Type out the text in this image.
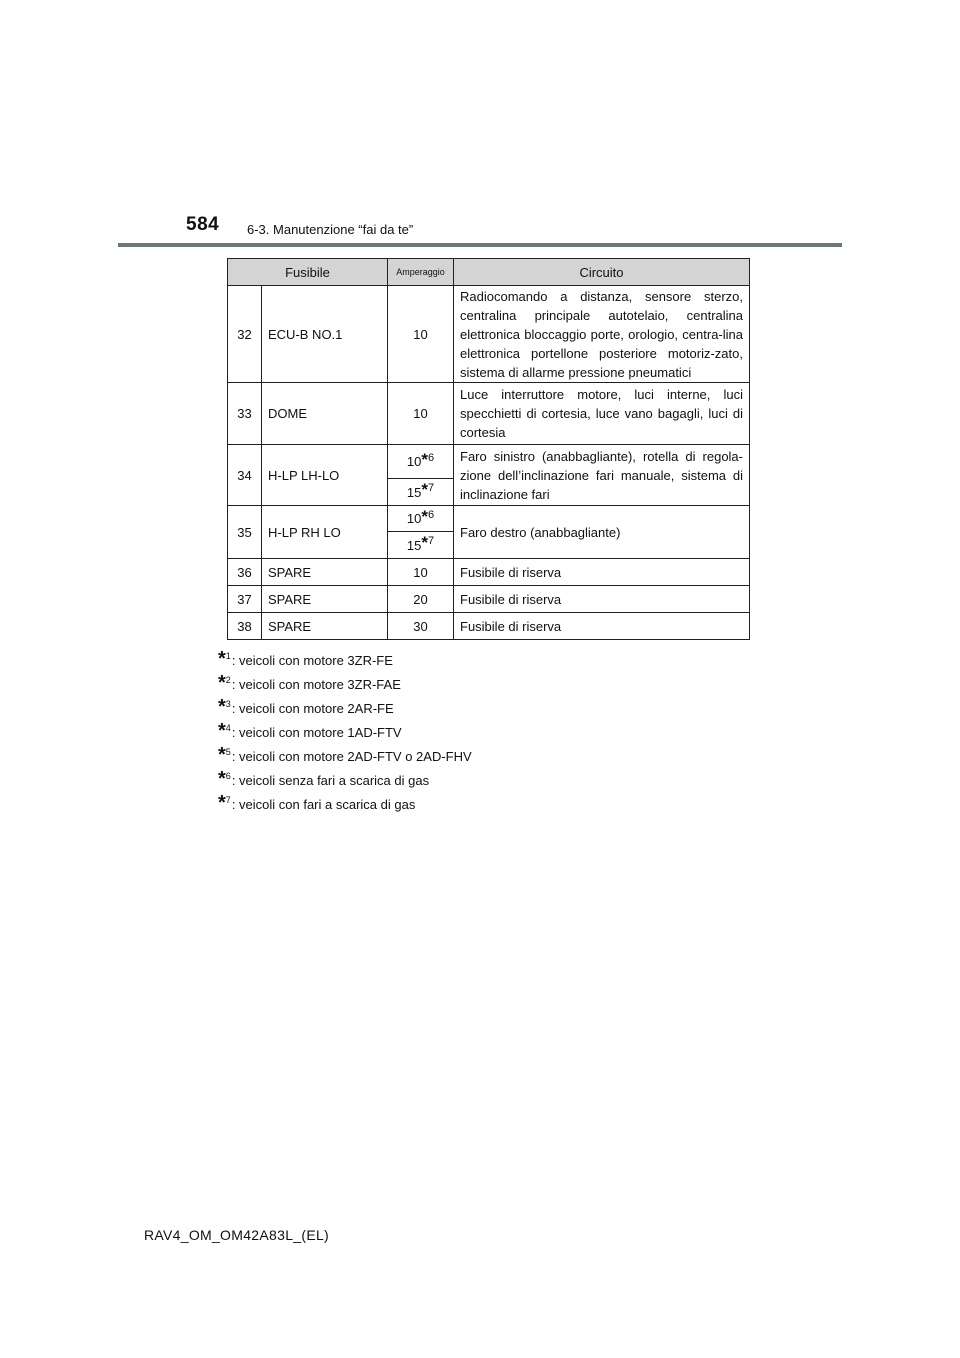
584 6-3. Manutenzione “fai da te”
Fusibile		Amperaggio	Circuito
32	ECU-B NO.1	10	Radiocomando a distanza, sensore sterzo, centralina principale autotelaio, centralina elettronica bloccaggio porte, orologio, centra-lina elettronica portellone posteriore motoriz-zato, sistema di allarme pressione pneumatici
33	DOME	10	Luce interruttore motore, luci interne, luci specchietti di cortesia, luce vano bagagli, luci di cortesia
34	H-LP LH-LO	10$^{*6}$	Faro sinistro (anabbagliante), rotella di regola-zione dell’inclinazione fari manuale, sistema di inclinazione fari
		15$^{*7}$
35	H-LP RH LO	10$^{*6}$	Faro destro (anabbagliante)
		15$^{*7}$
36	SPARE	10	Fusibile di riserva
37	SPARE	20	Fusibile di riserva
38	SPARE	30	Fusibile di riserva
* 1 : veicoli con motore 3ZR-FE
* 2 : veicoli con motore 3ZR-FAE
* 3 : veicoli con motore 2AR-FE
* 4 : veicoli con motore 1AD-FTV
* 5 : veicoli con motore 2AD-FTV o 2AD-FHV
* 6 : veicoli senza fari a scarica di gas
* 7 : veicoli con fari a scarica di gas
RAV4_OM_OM42A83L_(EL)
